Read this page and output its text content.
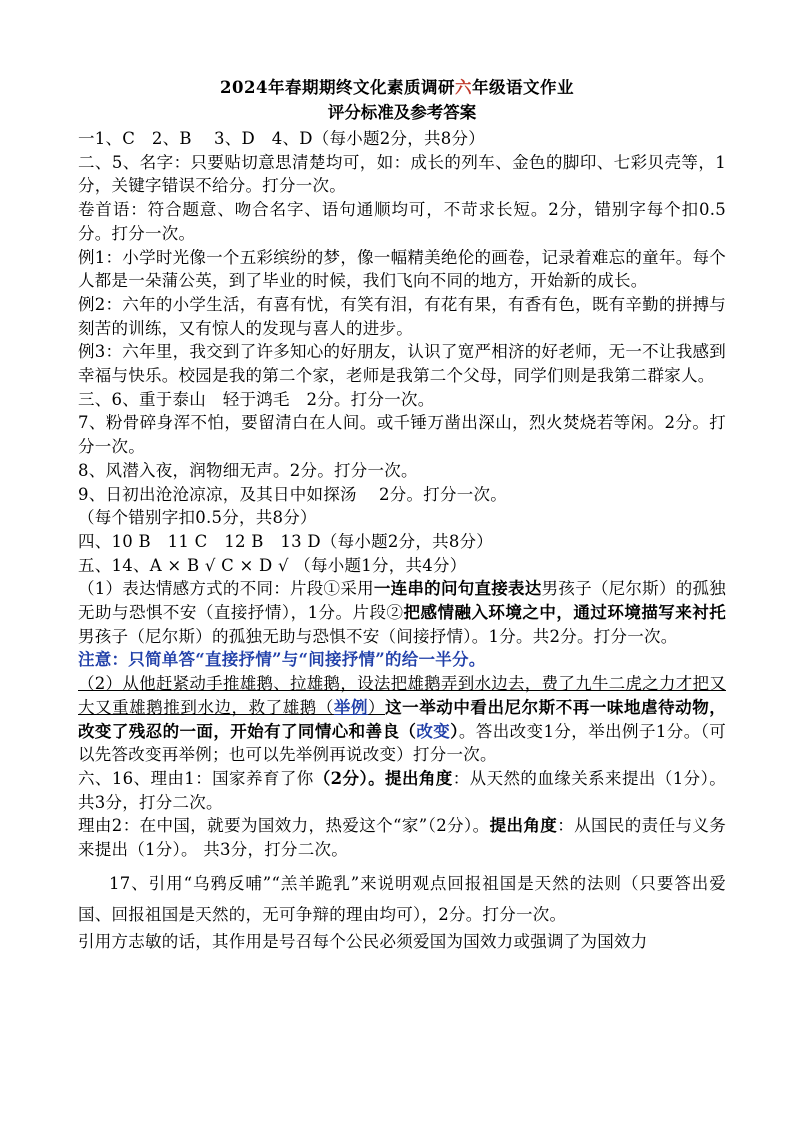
2024年春期期终文化素质调研六年级语文作业
评分标准及参考答案

一1、C　2、B　 3、D　4、D（每小题2分，共8分）

二、5、名字：只要贴切意思清楚均可，如：成长的列车、金色的脚印、七彩贝壳等，1分，关键字错误不给分。打分一次。

卷首语：符合题意、吻合名字、语句通顺均可，不苛求长短。2分，错别字每个扣0.5分。打分一次。

例1：小学时光像一个五彩缤纷的梦，像一幅精美绝伦的画卷，记录着难忘的童年。每个人都是一朵蒲公英，到了毕业的时候，我们飞向不同的地方，开始新的成长。

例2：六年的小学生活，有喜有忧，有笑有泪，有花有果，有香有色，既有辛勤的拼搏与刻苦的训练，又有惊人的发现与喜人的进步。

例3：六年里，我交到了许多知心的好朋友，认识了宽严相济的好老师，无一不让我感到幸福与快乐。校园是我的第二个家，老师是我第二个父母，同学们则是我第二群家人。

三、6、重于泰山　轻于鸿毛　2分。打分一次。

7、粉骨碎身浑不怕，要留清白在人间。或千锤万凿出深山，烈火焚烧若等闲。2分。打分一次。

8、风潜入夜，润物细无声。2分。打分一次。

9、日初出沧沧凉凉，及其日中如探汤　 2分。打分一次。

（每个错别字扣0.5分，共8分）

四、10 B　11 C　12 B　13 D（每小题2分，共8分）

五、14、A × B √ C × D √ （每小题1分，共4分）

（1）表达情感方式的不同：片段①采用一连串的问句直接表达男孩子（尼尔斯）的孤独无助与恐惧不安（直接抒情），1分。片段②把感情融入环境之中，通过环境描写来衬托男孩子（尼尔斯）的孤独无助与恐惧不安（间接抒情）。1分。共2分。打分一次。

注意：只简单答“直接抒情”与“间接抒情”的给一半分。

（2）从他赶紧动手推雄鹅、拉雄鹅，设法把雄鹅弄到水边去，费了九牛二虎之力才把又大又重雄鹅推到水边，救了雄鹅（举例）这一举动中看出尼尔斯不再一味地虐待动物，改变了残忍的一面，开始有了同情心和善良（改变）。答出改变1分，举出例子1分。（可以先答改变再举例；也可以先举例再说改变）打分一次。

六、16、理由1：国家养育了你（2分）。提出角度：从天然的血缘关系来提出（1分）。 共3分，打分二次。

理由2：在中国，就要为国效力，热爱这个“家”（2分）。提出角度：从国民的责任与义务来提出（1分）。 共3分，打分二次。

17、引用“乌鸦反哺”“羔羊跪乳”来说明观点回报祖国是天然的法则（只要答出爱国、回报祖国是天然的，无可争辩的理由均可），2分。打分一次。

引用方志敏的话，其作用是号召每个公民必须爱国为国效力或强调了为国效力
